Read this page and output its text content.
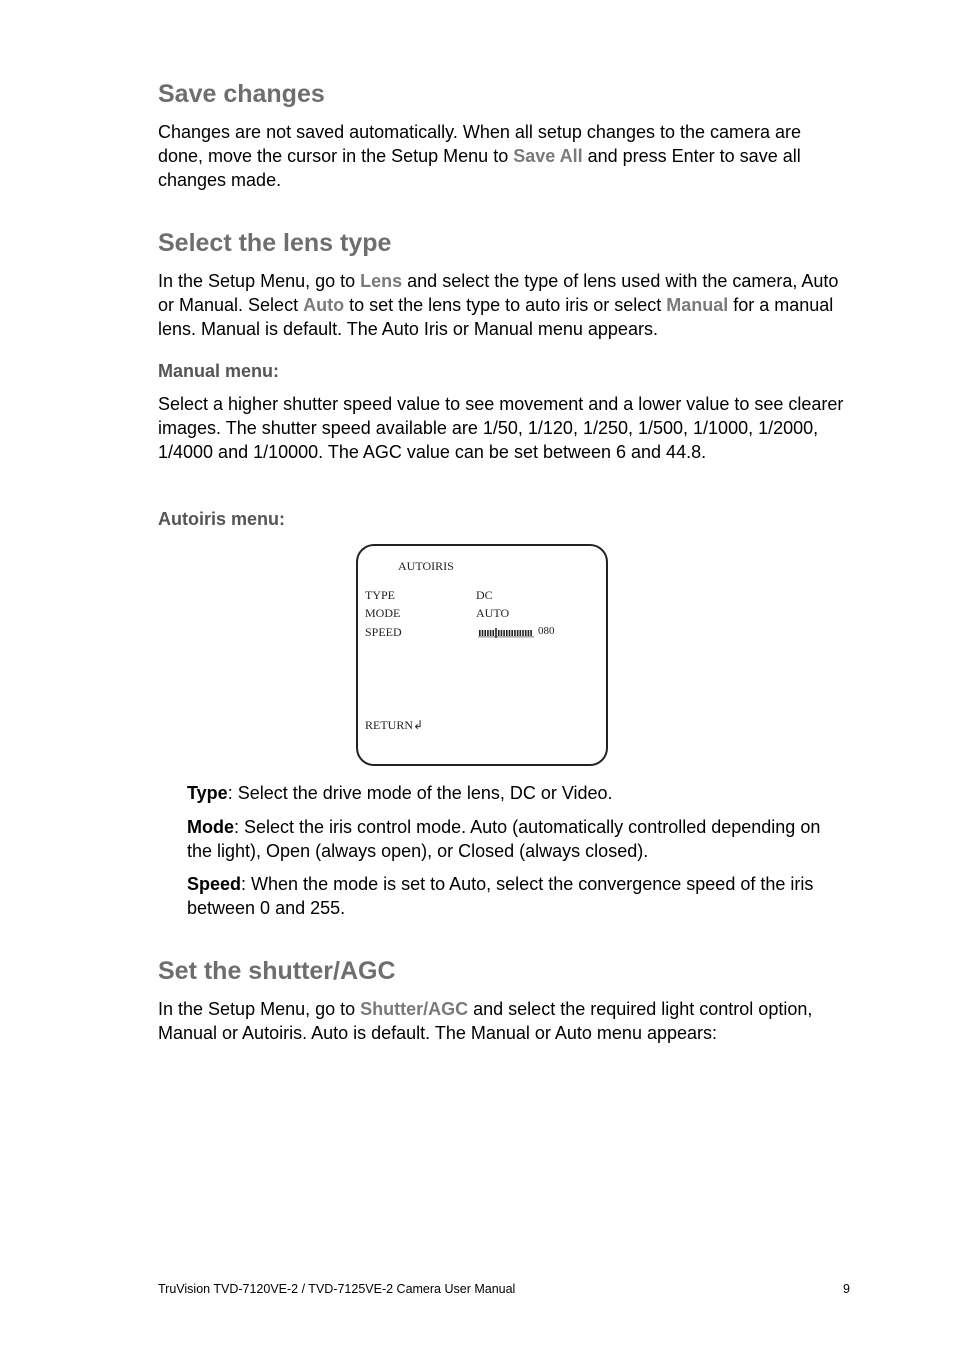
Save changes

Changes are not saved automatically. When all setup changes to the camera are done, move the cursor in the Setup Menu to Save All and press Enter to save all changes made.

Select the lens type

In the Setup Menu, go to Lens and select the type of lens used with the camera, Auto or Manual. Select Auto to set the lens type to auto iris or select Manual for a manual lens. Manual is default. The Auto Iris or Manual menu appears.

Manual menu:

Select a higher shutter speed value to see movement and a lower value to see clearer images. The shutter speed available are 1/50, 1/120, 1/250, 1/500, 1/1000, 1/2000, 1/4000 and 1/10000. The AGC value can be set between 6 and 44.8.

Autoiris menu:
AUTOIRIS
TYPE	DC
MODE	AUTO
SPEED	080
RETURN↲

Type: Select the drive mode of the lens, DC or Video.

Mode: Select the iris control mode. Auto (automatically controlled depending on the light), Open (always open), or Closed (always closed).

Speed: When the mode is set to Auto, select the convergence speed of the iris between 0 and 255.

Set the shutter/AGC

In the Setup Menu, go to Shutter/AGC and select the required light control option, Manual or Autoiris. Auto is default. The Manual or Auto menu appears:

TruVision TVD-7120VE-2 / TVD-7125VE-2 Camera User Manual	9
